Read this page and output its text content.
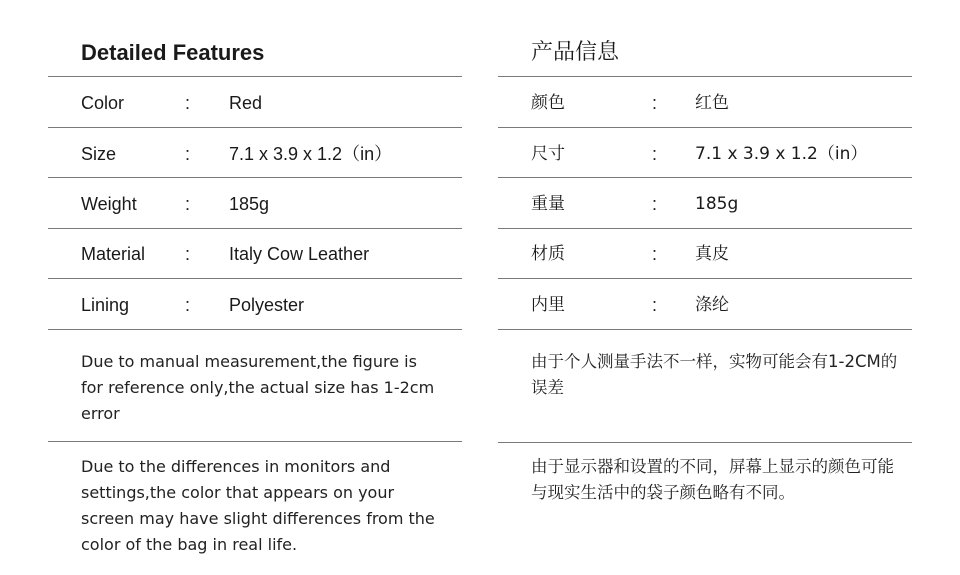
Detailed Features
Color	: Red
Size	: 7.1 x 3.9 x 1.2（in）
Weight	: 185g
Material : Italy Cow Leather
Lining	: Polyester
Due to manual measurement,the figure is for reference only,the actual size has 1-2cm error
Due to the differences in monitors and settings,the color that appears on your screen may have slight differences from the color of the bag in real life.
产品信息
颜色	: 红色
尺寸	: 7.1 x 3.9 x 1.2（in）
重量	: 185g
材质	: 真皮
内里	: 涤纶
由于个人测量手法不一样，实物可能会有1-2CM的误差
由于显示器和设置的不同，屏幕上显示的颜色可能与现实生活中的袋子颜色略有不同。
